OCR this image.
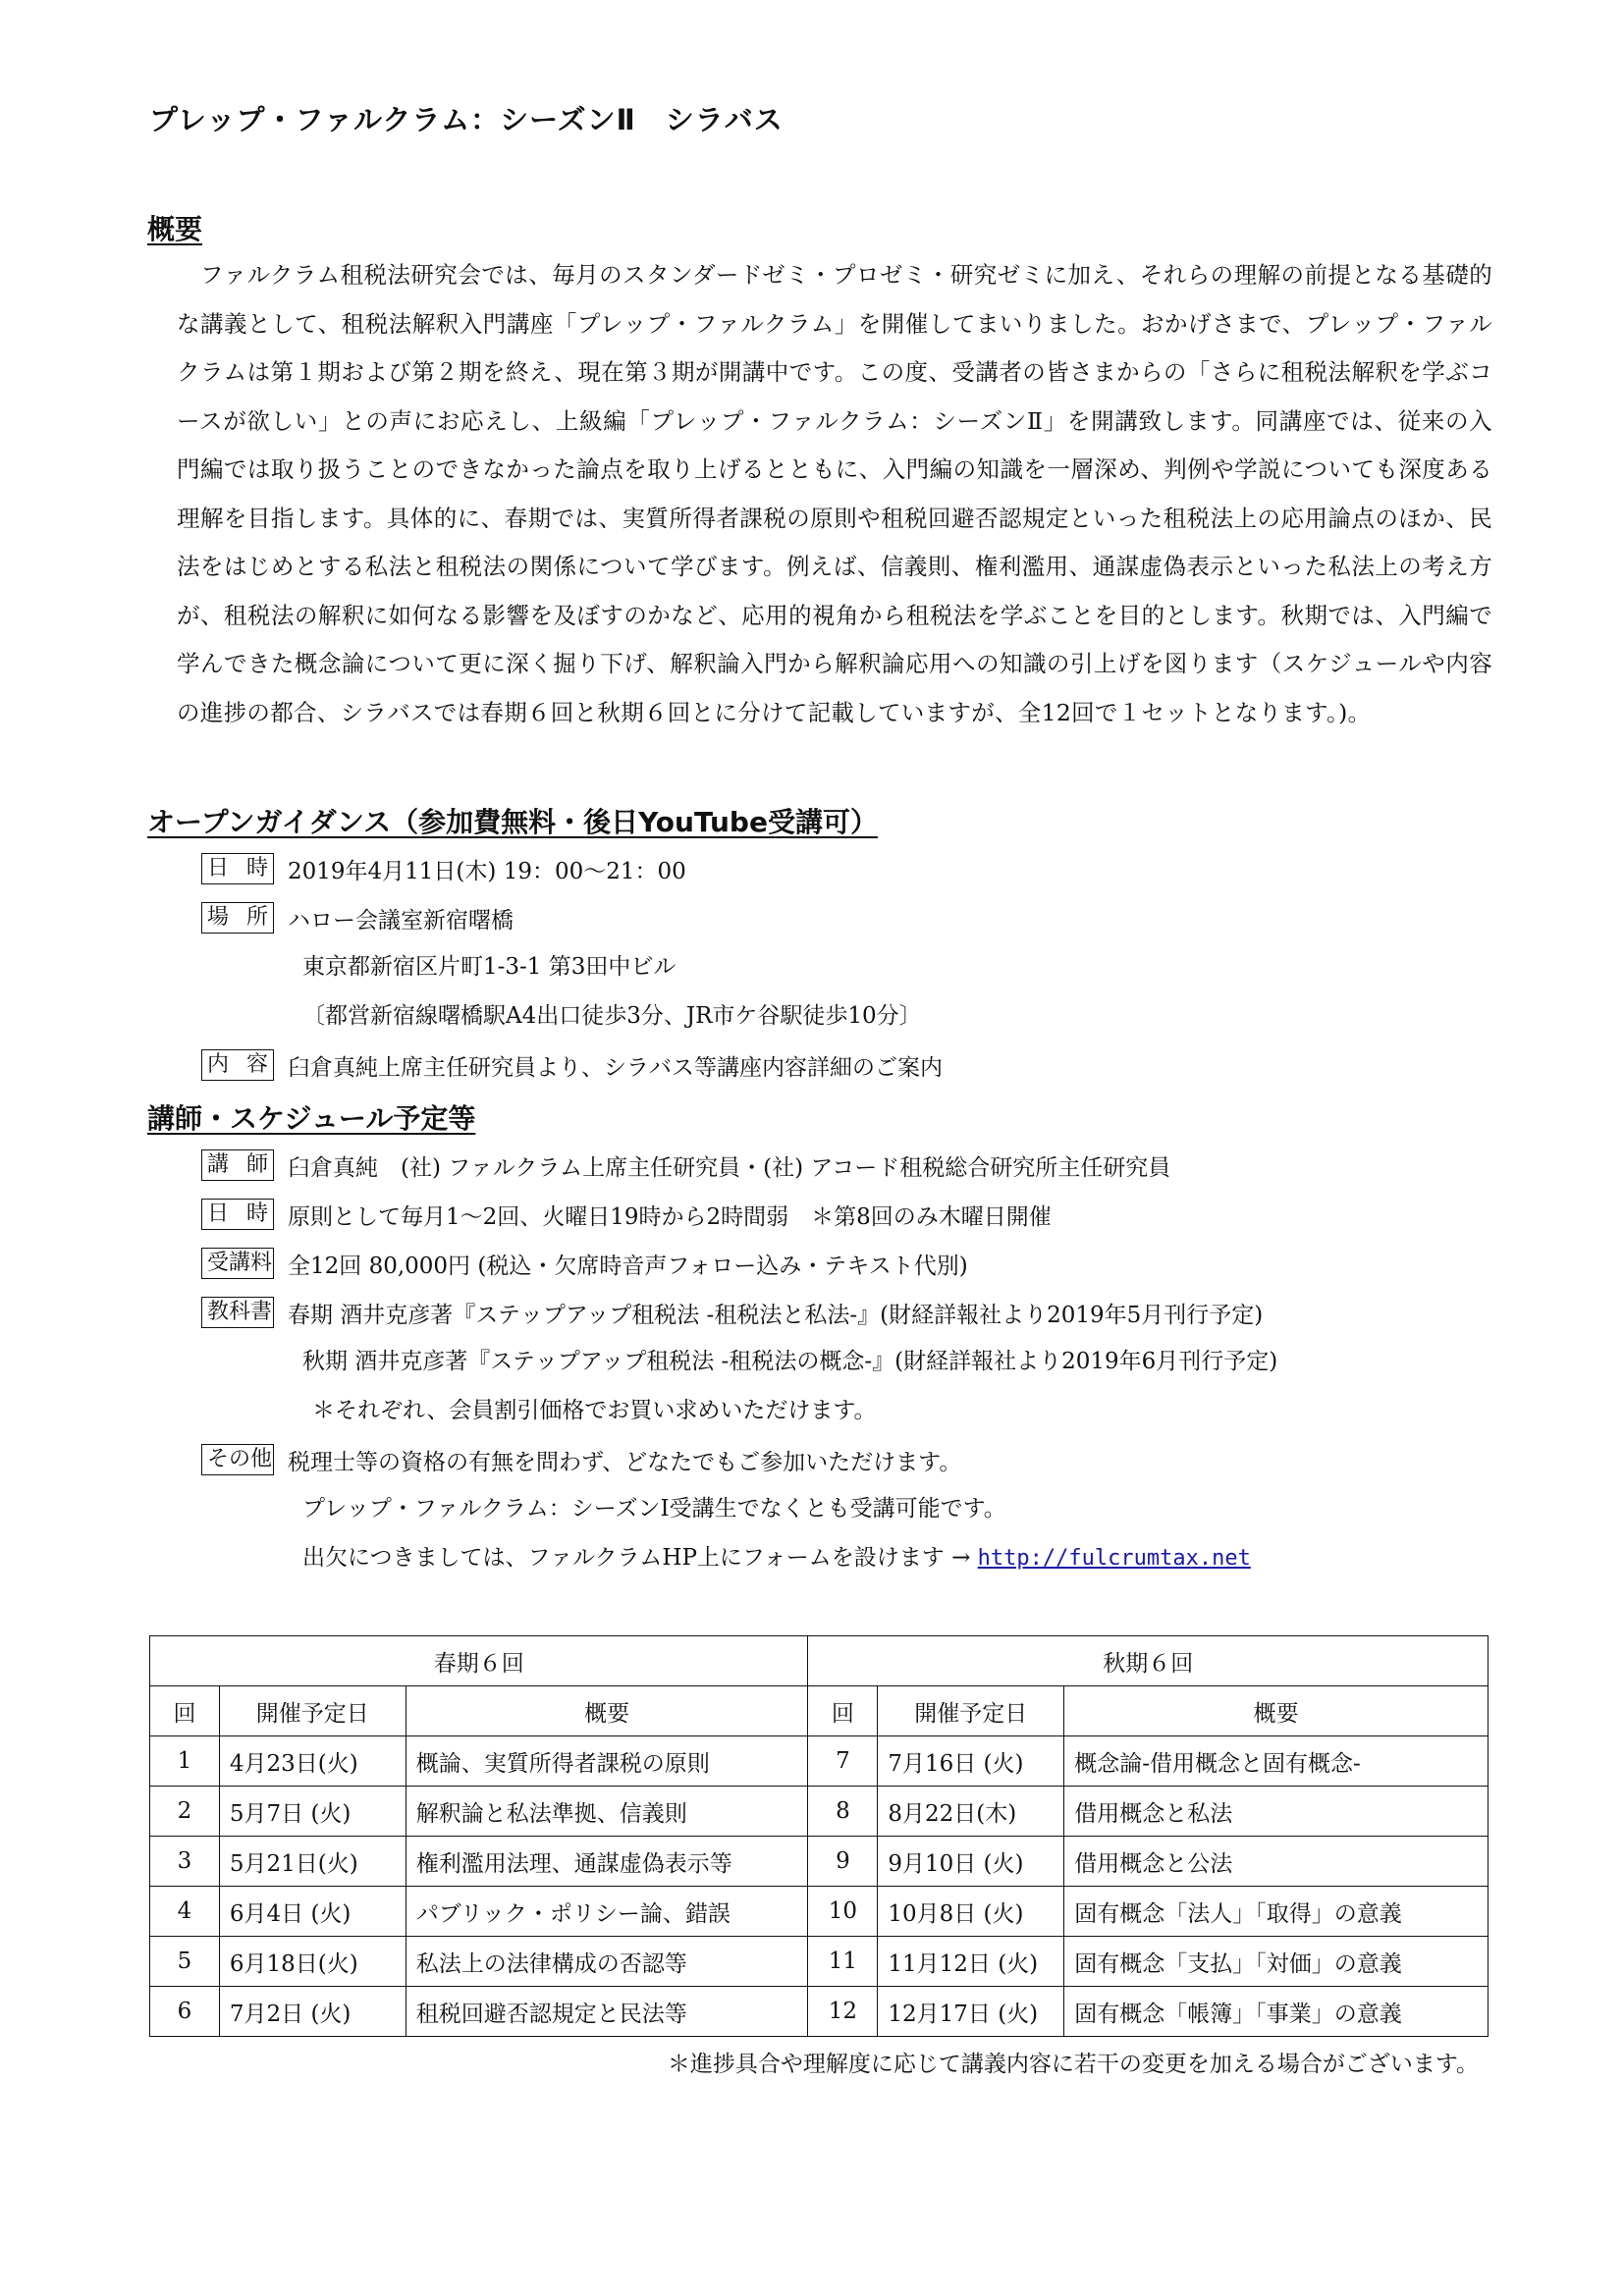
プレップ・ファルクラム：シーズンⅡ　シラバス
概要
ファルクラム租税法研究会では、毎月のスタンダードゼミ・プロゼミ・研究ゼミに加え、それらの理解の前提となる基礎的な講義として、租税法解釈入門講座「プレップ・ファルクラム」を開催してまいりました。おかげさまで、プレップ・ファルクラムは第１期および第２期を終え、現在第３期が開講中です。この度、受講者の皆さまからの「さらに租税法解釈を学ぶコースが欲しい」との声にお応えし、上級編「プレップ・ファルクラム：シーズンⅡ」を開講致します。同講座では、従来の入門編では取り扱うことのできなかった論点を取り上げるとともに、入門編の知識を一層深め、判例や学説についても深度ある理解を目指します。具体的に、春期では、実質所得者課税の原則や租税回避否認規定といった租税法上の応用論点のほか、民法をはじめとする私法と租税法の関係について学びます。例えば、信義則、権利濫用、通謀虚偽表示といった私法上の考え方が、租税法の解釈に如何なる影響を及ぼすのかなど、応用的視角から租税法を学ぶことを目的とします。秋期では、入門編で学んできた概念論について更に深く掘り下げ、解釈論入門から解釈論応用への知識の引上げを図ります（スケジュールや内容の進捗の都合、シラバスでは春期６回と秋期６回とに分けて記載していますが、全12回で１セットとなります。)。
オープンガイダンス（参加費無料・後日YouTube受講可）
日時 2019年4月11日(木) 19：00～21：00
場所 ハロー会議室新宿曙橋
東京都新宿区片町1-3-1 第3田中ビル
〔都営新宿線曙橋駅A4出口徒歩3分、JR市ケ谷駅徒歩10分〕
内容 臼倉真純上席主任研究員より、シラバス等講座内容詳細のご案内
講師・スケジュール予定等
講師 臼倉真純　(社) ファルクラム上席主任研究員・(社) アコード租税総合研究所主任研究員
日時 原則として毎月1～2回、火曜日19時から2時間弱　＊第8回のみ木曜日開催
受講料 全12回 80,000円 (税込・欠席時音声フォロー込み・テキスト代別)
教科書 春期 酒井克彦著『ステップアップ租税法 -租税法と私法-』(財経詳報社より2019年5月刊行予定)
秋期 酒井克彦著『ステップアップ租税法 -租税法の概念-』(財経詳報社より2019年6月刊行予定)
＊それぞれ、会員割引価格でお買い求めいただけます。
その他 税理士等の資格の有無を問わず、どなたでもご参加いただけます。
プレップ・ファルクラム：シーズンⅠ受講生でなくとも受講可能です。
出欠につきましては、ファルクラムHP上にフォームを設けます → http://fulcrumtax.net
春期６回			秋期６回		
回	開催予定日	概要	回	開催予定日	概要
1	4月23日(火)	概論、実質所得者課税の原則	7	7月16日 (火)	概念論-借用概念と固有概念-
2	5月7日 (火)	解釈論と私法準拠、信義則	8	8月22日(木)	借用概念と私法
3	5月21日(火)	権利濫用法理、通謀虚偽表示等	9	9月10日 (火)	借用概念と公法
4	6月4日 (火)	パブリック・ポリシー論、錯誤	10	10月8日 (火)	固有概念「法人」「取得」の意義
5	6月18日(火)	私法上の法律構成の否認等	11	11月12日 (火)	固有概念「支払」「対価」の意義
6	7月2日 (火)	租税回避否認規定と民法等	12	12月17日 (火)	固有概念「帳簿」「事業」の意義
＊進捗具合や理解度に応じて講義内容に若干の変更を加える場合がございます。
